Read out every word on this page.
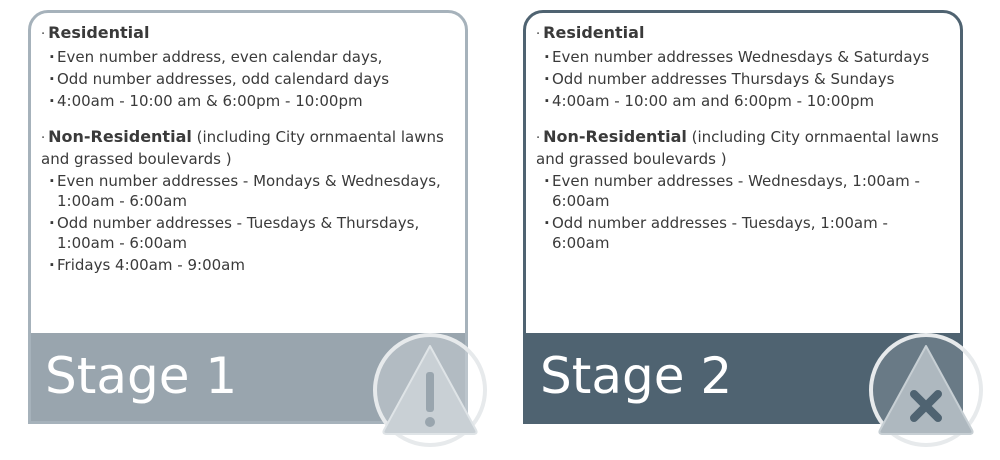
· Residential

· Even number address, even calendar days,
· Odd number addresses, odd calendard days
· 4:00am - 10:00 am & 6:00pm - 10:00pm

· Non-Residential (including City ornmaental lawns and grassed boulevards )

· Even number addresses - Mondays & Wednesdays, 1:00am - 6:00am
· Odd number addresses - Tuesdays & Thursdays, 1:00am - 6:00am
· Fridays 4:00am - 9:00am
Stage 1

· Residential

· Even number addresses Wednesdays & Saturdays
· Odd number addresses Thursdays & Sundays
· 4:00am - 10:00 am and 6:00pm - 10:00pm

· Non-Residential (including City ornmaental lawns and grassed boulevards )

· Even number addresses - Wednesdays, 1:00am - 6:00am
· Odd number addresses - Tuesdays, 1:00am - 6:00am
Stage 2
